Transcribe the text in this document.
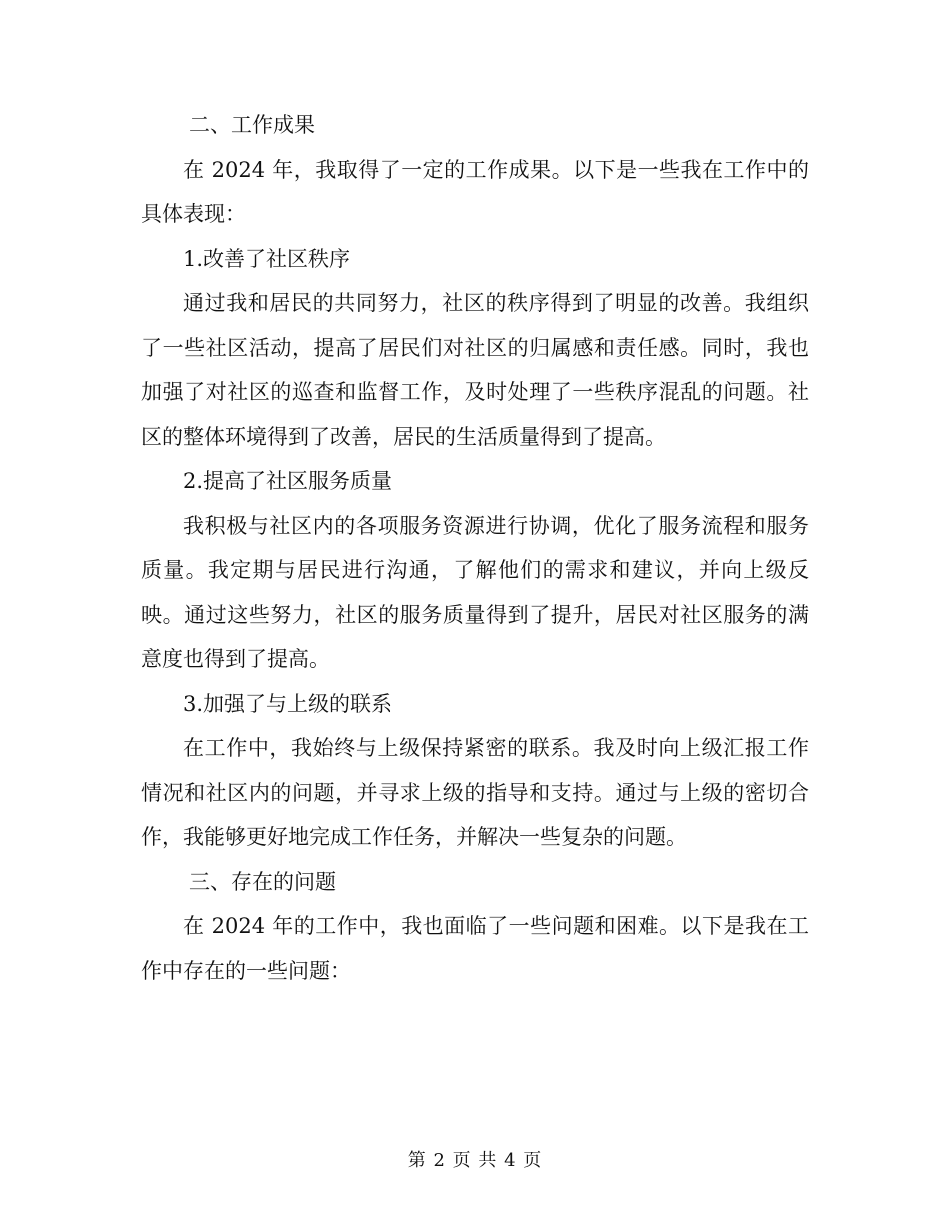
二、工作成果

在 2024 年，我取得了一定的工作成果。以下是一些我在工作中的具体表现：

1.改善了社区秩序

通过我和居民的共同努力，社区的秩序得到了明显的改善。我组织了一些社区活动，提高了居民们对社区的归属感和责任感。同时，我也加强了对社区的巡查和监督工作，及时处理了一些秩序混乱的问题。社区的整体环境得到了改善，居民的生活质量得到了提高。

2.提高了社区服务质量

我积极与社区内的各项服务资源进行协调，优化了服务流程和服务质量。我定期与居民进行沟通，了解他们的需求和建议，并向上级反映。通过这些努力，社区的服务质量得到了提升，居民对社区服务的满意度也得到了提高。

3.加强了与上级的联系

在工作中，我始终与上级保持紧密的联系。我及时向上级汇报工作情况和社区内的问题，并寻求上级的指导和支持。通过与上级的密切合作，我能够更好地完成工作任务，并解决一些复杂的问题。

三、存在的问题

在 2024 年的工作中，我也面临了一些问题和困难。以下是我在工作中存在的一些问题：

第 2 页 共 4 页
